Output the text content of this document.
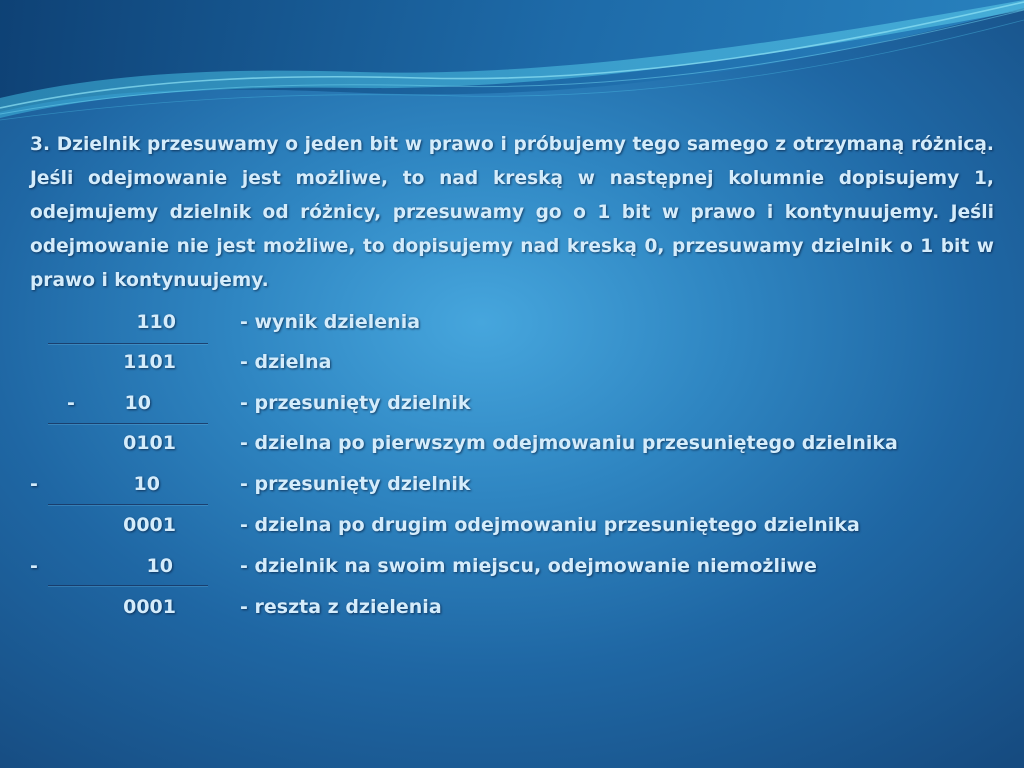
3. Dzielnik przesuwamy o jeden bit w prawo i próbujemy tego samego z otrzymaną różnicą. Jeśli odejmowanie jest możliwe, to nad kreską w następnej kolumnie dopisujemy 1, odejmujemy dzielnik od różnicy, przesuwamy go o 1 bit w prawo i kontynuujemy. Jeśli odejmowanie nie jest możliwe, to dopisujemy nad kreską 0, przesuwamy dzielnik o 1 bit w prawo i kontynuujemy.
110	- wynik dzielenia
1101	- dzielna
-	10	- przesunięty dzielnik
0101	- dzielna po pierwszym odejmowaniu przesuniętego dzielnika
-	10	- przesunięty dzielnik
0001	- dzielna po drugim odejmowaniu przesuniętego dzielnika
-	10	- dzielnik na swoim miejscu, odejmowanie niemożliwe
0001	- reszta z dzielenia
